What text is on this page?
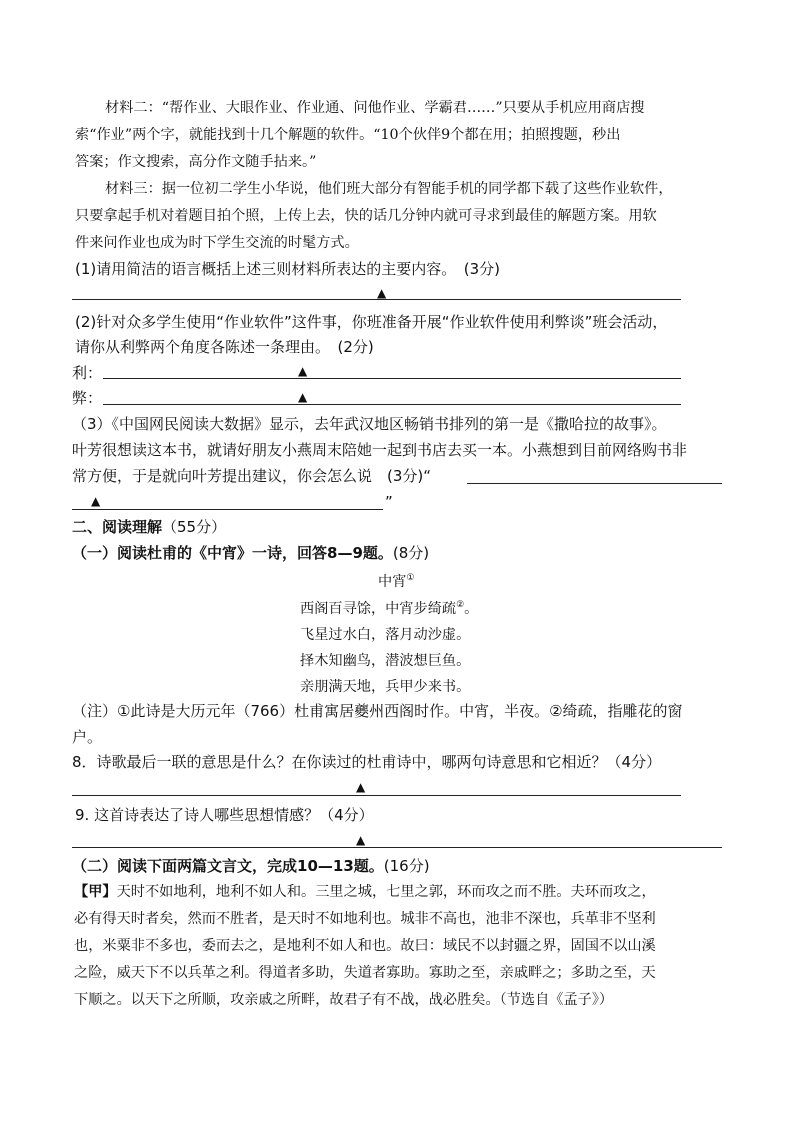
材料二：“帮作业、大眼作业、作业通、问他作业、学霸君……”只要从手机应用商店搜
索“作业”两个字，就能找到十几个解题的软件。“10个伙伴9个都在用；拍照搜题，秒出
答案；作文搜索，高分作文随手拈来。”
材料三：据一位初二学生小华说，他们班大部分有智能手机的同学都下载了这些作业软件，
只要拿起手机对着题目拍个照，上传上去，快的话几分钟内就可寻求到最佳的解题方案。用软
件来问作业也成为时下学生交流的时髦方式。
(1)请用简洁的语言概括上述三则材料所表达的主要内容。　(3分)
▲
(2)针对众多学生使用“作业软件”这件事，你班准备开展“作业软件使用利弊谈”班会活动，
请你从利弊两个角度各陈述一条理由。　(2分)
利：	▲
弊：	▲
（3）《中国网民阅读大数据》显示，去年武汉地区畅销书排列的第一是《撒哈拉的故事》。
叶芳很想读这本书，就请好朋友小燕周末陪她一起到书店去买一本。小燕想到目前网络购书非
常方便，于是就向叶芳提出建议，你会怎么说　(3分)“
▲	”
二、阅读理解（55分）
（一）阅读杜甫的《中宵》一诗，回答8—9题。(8分)
中宵①
西阁百寻馀，中宵步绮疏②。
飞星过水白，落月动沙虚。
择木知幽鸟，潜波想巨鱼。
亲朋满天地，兵甲少来书。
（注）①此诗是大历元年（766）杜甫寓居夔州西阁时作。中宵，半夜。②绮疏，指雕花的窗
户。
8．诗歌最后一联的意思是什么？在你读过的杜甫诗中，哪两句诗意思和它相近？（4分）
▲
9. 这首诗表达了诗人哪些思想情感？（4分）
▲
（二）阅读下面两篇文言文，完成10—13题。(16分)
【甲】天时不如地利，地利不如人和。三里之城，七里之郭，环而攻之而不胜。夫环而攻之，
必有得天时者矣，然而不胜者，是天时不如地利也。城非不高也，池非不深也，兵革非不坚利
也，米粟非不多也，委而去之，是地利不如人和也。故曰：域民不以封疆之界，固国不以山溪
之险，威天下不以兵革之利。得道者多助，失道者寡助。寡助之至，亲戚畔之；多助之至，天
下顺之。以天下之所顺，攻亲戚之所畔，故君子有不战，战必胜矣。（节选自《孟子》）
